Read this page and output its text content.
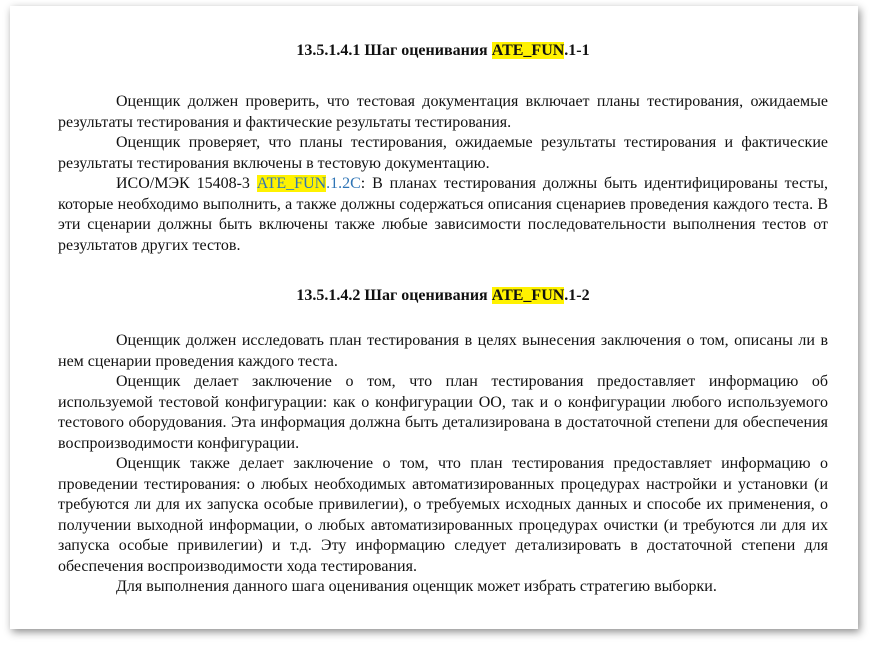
13.5.1.4.1 Шаг оценивания ATE_FUN.1-1

Оценщик должен проверить, что тестовая документация включает планы тестирования, ожидаемые результаты тестирования и фактические результаты тестирования.

Оценщик проверяет, что планы тестирования, ожидаемые результаты тестирования и фактические результаты тестирования включены в тестовую документацию.

ИСО/МЭК 15408-3 ATE_FUN.1.2C: В планах тестирования должны быть идентифицированы тесты, которые необходимо выполнить, а также должны содержаться описания сценариев проведения каждого теста. В эти сценарии должны быть включены также любые зависимости последовательности выполнения тестов от результатов других тестов.

13.5.1.4.2 Шаг оценивания ATE_FUN.1-2

Оценщик должен исследовать план тестирования в целях вынесения заключения о том, описаны ли в нем сценарии проведения каждого теста.

Оценщик делает заключение о том, что план тестирования предоставляет информацию об используемой тестовой конфигурации: как о конфигурации ОО, так и о конфигурации любого используемого тестового оборудования. Эта информация должна быть детализирована в достаточной степени для обеспечения воспроизводимости конфигурации.

Оценщик также делает заключение о том, что план тестирования предоставляет информацию о проведении тестирования: о любых необходимых автоматизированных процедурах настройки и установки (и требуются ли для их запуска особые привилегии), о требуемых исходных данных и способе их применения, о получении выходной информации, о любых автоматизированных процедурах очистки (и требуются ли для их запуска особые привилегии) и т.д. Эту информацию следует детализировать в достаточной степени для обеспечения воспроизводимости хода тестирования.

Для выполнения данного шага оценивания оценщик может избрать стратегию выборки.
